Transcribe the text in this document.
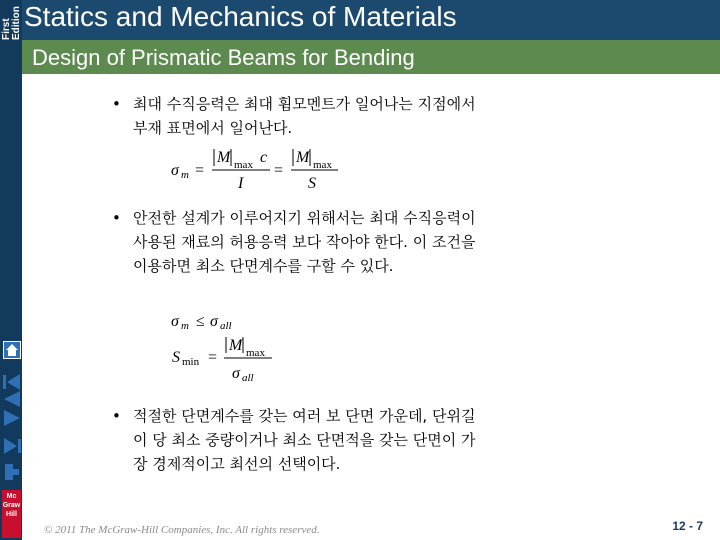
First Edition
Mc Graw Hill
Statics and Mechanics of Materials
Design of Prismatic Beams for Bending
• 최대 수직응력은 최대 휨모멘트가 일어나는 지점에서
부재 표면에서 일어난다.
σ m =
M max c
I
=
M max
S
• 안전한 설계가 이루어지기 위해서는 최대 수직응력이
사용된 재료의 허용응력 보다 작아야 한다. 이 조건을
이용하면 최소 단면계수를 구할 수 있다.
σ m ≤ σ all
S min =
M max
σ all
• 적절한 단면계수를 갖는 여러 보 단면 가운데, 단위길
이 당 최소 중량이거나 최소 단면적을 갖는 단면이 가
장 경제적이고 최선의 선택이다.
© 2011 The McGraw-Hill Companies, Inc. All rights reserved.	12 - 7
